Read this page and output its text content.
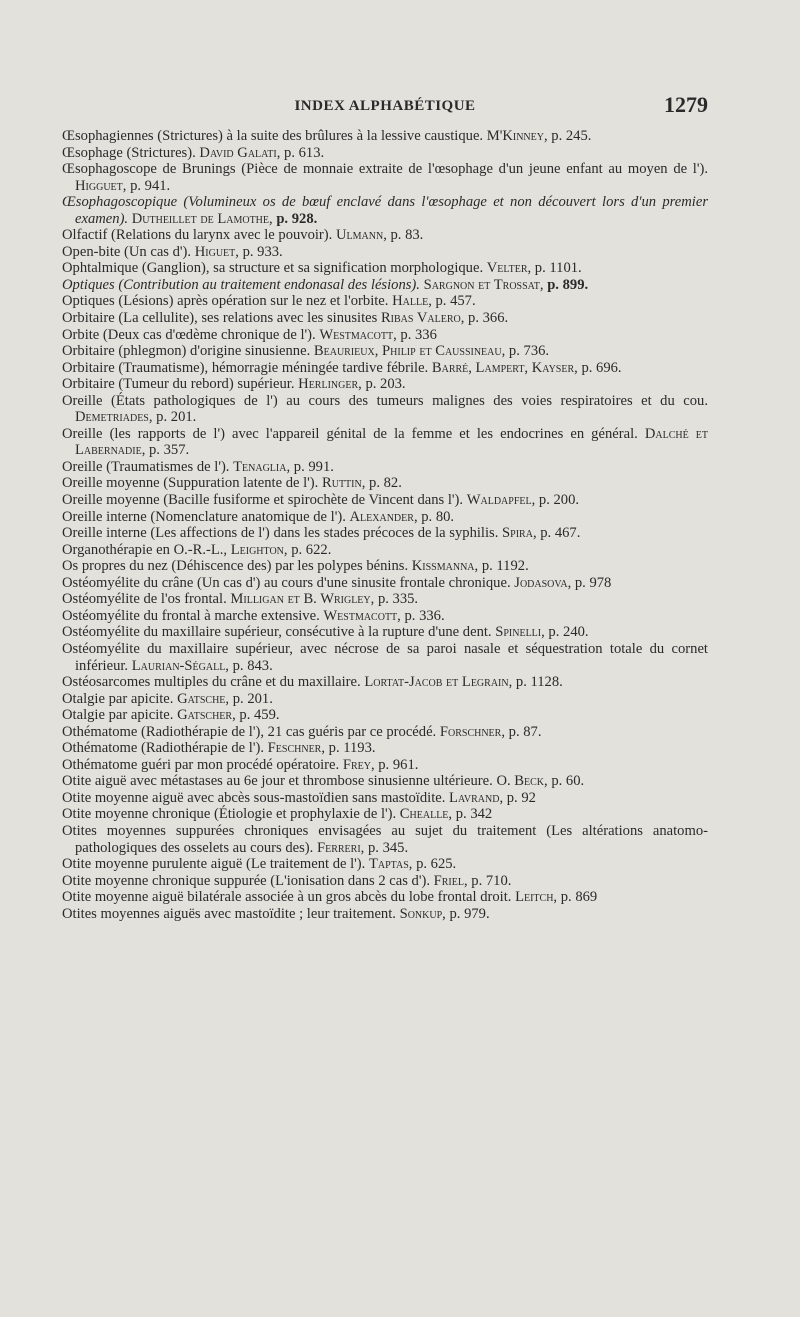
INDEX ALPHABÉTIQUE	1279

Œsophagiennes (Strictures) à la suite des brûlures à la lessive caustique. M'Kinney, p. 245.

Œsophage (Strictures). David Galati, p. 613.

Œsophagoscope de Brunings (Pièce de monnaie extraite de l'œsophage d'un jeune enfant au moyen de l'). Higguet, p. 941.

Œsophagoscopique (Volumineux os de bœuf enclavé dans l'œsophage et non découvert lors d'un premier examen). Dutheillet de Lamothe, p. 928.

Olfactif (Relations du larynx avec le pouvoir). Ulmann, p. 83.

Open-bite (Un cas d'). Higuet, p. 933.

Ophtalmique (Ganglion), sa structure et sa signification morphologique. Velter, p. 1101.

Optiques (Contribution au traitement endonasal des lésions). Sargnon et Trossat, p. 899.

Optiques (Lésions) après opération sur le nez et l'orbite. Halle, p. 457.

Orbitaire (La cellulite), ses relations avec les sinusites Ribas Valero, p. 366.

Orbite (Deux cas d'œdème chronique de l'). Westmacott, p. 336

Orbitaire (phlegmon) d'origine sinusienne. Beaurieux, Philip et Caussineau, p. 736.

Orbitaire (Traumatisme), hémorragie méningée tardive fébrile. Barré, Lampert, Kayser, p. 696.

Orbitaire (Tumeur du rebord) supérieur. Herlinger, p. 203.

Oreille (États pathologiques de l') au cours des tumeurs malignes des voies respiratoires et du cou. Demetriades, p. 201.

Oreille (les rapports de l') avec l'appareil génital de la femme et les endocrines en général. Dalché et Labernadie, p. 357.

Oreille (Traumatismes de l'). Tenaglia, p. 991.

Oreille moyenne (Suppuration latente de l'). Ruttin, p. 82.

Oreille moyenne (Bacille fusiforme et spirochète de Vincent dans l'). Waldapfel, p. 200.

Oreille interne (Nomenclature anatomique de l'). Alexander, p. 80.

Oreille interne (Les affections de l') dans les stades précoces de la syphilis. Spira, p. 467.

Organothérapie en O.-R.-L., Leighton, p. 622.

Os propres du nez (Déhiscence des) par les polypes bénins. Kissmanna, p. 1192.

Ostéomyélite du crâne (Un cas d') au cours d'une sinusite frontale chronique. Jodasova, p. 978

Ostéomyélite de l'os frontal. Milligan et B. Wrigley, p. 335.

Ostéomyélite du frontal à marche extensive. Westmacott, p. 336.

Ostéomyélite du maxillaire supérieur, consécutive à la rupture d'une dent. Spinelli, p. 240.

Ostéomyélite du maxillaire supérieur, avec nécrose de sa paroi nasale et séquestration totale du cornet inférieur. Laurian-Ségall, p. 843.

Ostéosarcomes multiples du crâne et du maxillaire. Lortat-Jacob et Legrain, p. 1128.

Otalgie par apicite. Gatsche, p. 201.

Otalgie par apicite. Gatscher, p. 459.

Othématome (Radiothérapie de l'), 21 cas guéris par ce procédé. Forschner, p. 87.

Othématome (Radiothérapie de l'). Feschner, p. 1193.

Othématome guéri par mon procédé opératoire. Frey, p. 961.

Otite aiguë avec métastases au 6e jour et thrombose sinusienne ultérieure. O. Beck, p. 60.

Otite moyenne aiguë avec abcès sous-mastoïdien sans mastoïdite. Lavrand, p. 92

Otite moyenne chronique (Étiologie et prophylaxie de l'). Chealle, p. 342

Otites moyennes suppurées chroniques envisagées au sujet du traitement (Les altérations anatomo-pathologiques des osselets au cours des). Ferreri, p. 345.

Otite moyenne purulente aiguë (Le traitement de l'). Taptas, p. 625.

Otite moyenne chronique suppurée (L'ionisation dans 2 cas d'). Friel, p. 710.

Otite moyenne aiguë bilatérale associée à un gros abcès du lobe frontal droit. Leitch, p. 869

Otites moyennes aiguës avec mastoïdite ; leur traitement. Sonkup, p. 979.
